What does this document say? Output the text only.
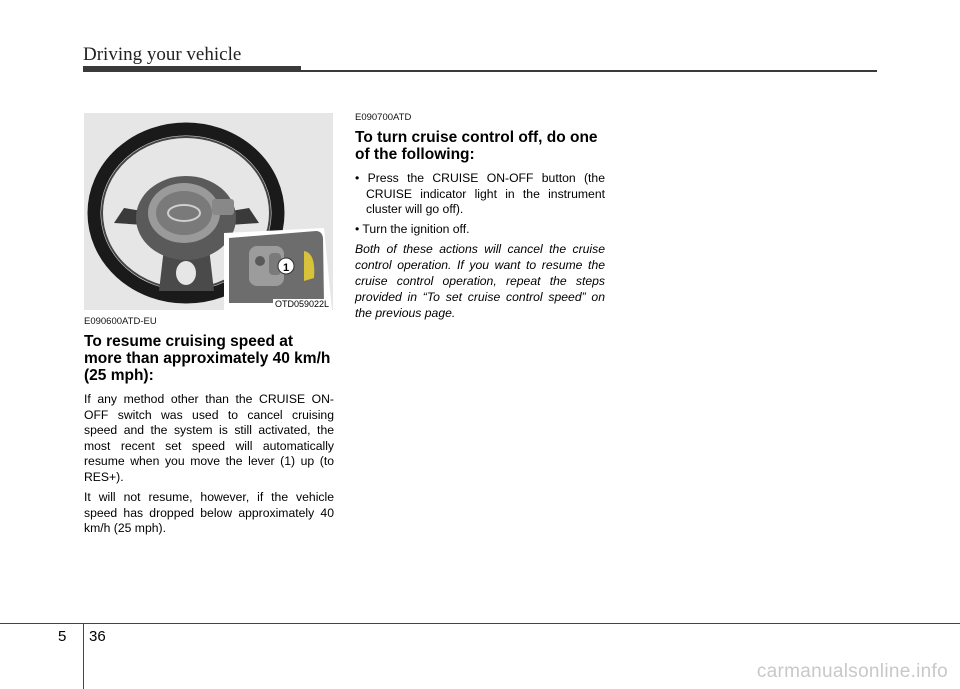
Driving your vehicle
1
OTD059022L

E090600ATD-EU

To resume cruising speed at more than approximately 40 km/h (25 mph):

If any method other than the CRUISE ON-OFF switch was used to cancel cruising speed and the system is still activated, the most recent set speed will automatically resume when you move the lever (1) up (to RES+).

It will not resume, however, if the vehicle speed has dropped below approximately 40 km/h (25 mph).

E090700ATD

To turn cruise control off, do one of the following:

• Press the CRUISE ON-OFF button (the CRUISE indicator light in the instrument cluster will go off).

• Turn the ignition off.

Both of these actions will cancel the cruise control operation. If you want to resume the cruise control operation, repeat the steps provided in “To set cruise control speed” on the previous page.

5 36
carmanualsonline.info
